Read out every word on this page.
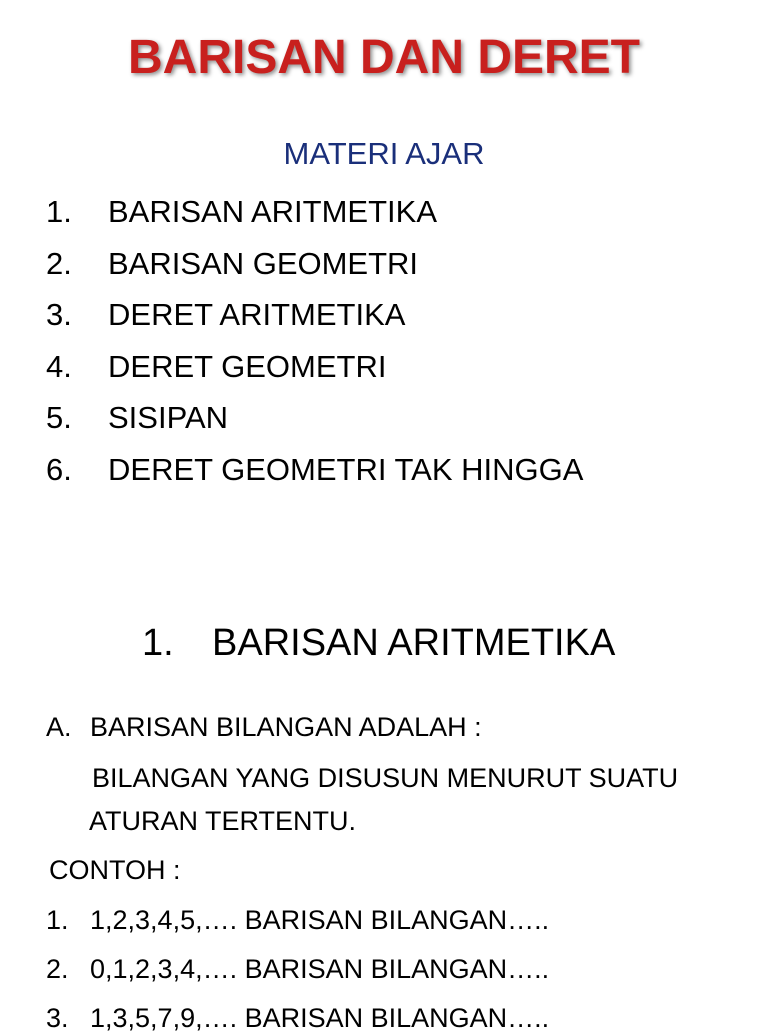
BARISAN DAN DERET

MATERI AJAR

1. BARISAN ARITMETIKA
2. BARISAN GEOMETRI
3. DERET ARITMETIKA
4. DERET GEOMETRI
5. SISIPAN
6. DERET GEOMETRI TAK HINGGA
1. BARISAN ARITMETIKA
A. BARISAN BILANGAN ADALAH :
BILANGAN YANG DISUSUN MENURUT SUATU
ATURAN TERTENTU.
CONTOH :
1. 1,2,3,4,5,…. BARISAN BILANGAN…..
2. 0,1,2,3,4,…. BARISAN BILANGAN…..
3. 1,3,5,7,9,…. BARISAN BILANGAN…..
